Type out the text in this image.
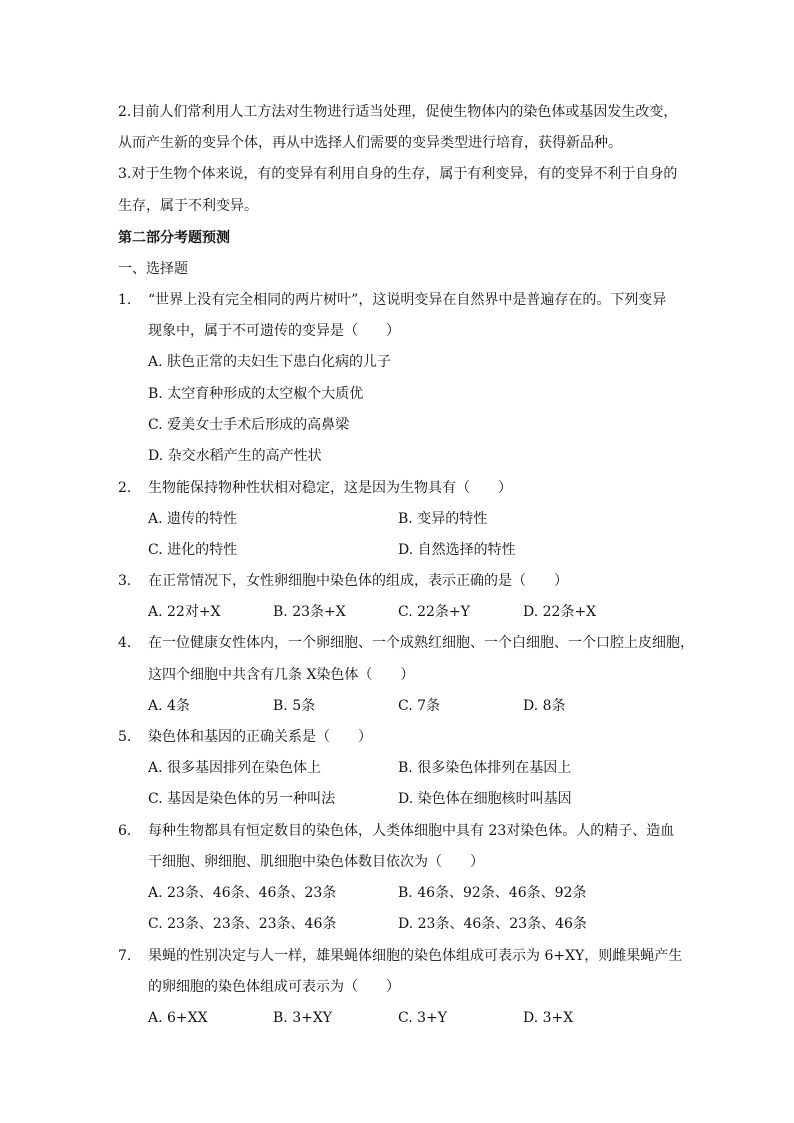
2.目前人们常利用人工方法对生物进行适当处理，促使生物体内的染色体或基因发生改变，
从而产生新的变异个体，再从中选择人们需要的变异类型进行培育，获得新品种。
3.对于生物个体来说，有的变异有利用自身的生存，属于有利变异，有的变异不利于自身的
生存，属于不利变异。
第二部分考题预测
一、选择题
1. “世界上没有完全相同的两片树叶”，这说明变异在自然界中是普遍存在的。下列变异
现象中，属于不可遗传的变异是（　　）
A. 肤色正常的夫妇生下患白化病的儿子
B. 太空育种形成的太空椒个大质优
C. 爱美女士手术后形成的高鼻梁
D. 杂交水稻产生的高产性状
2. 生物能保持物种性状相对稳定，这是因为生物具有（　　）
A. 遗传的特性	B. 变异的特性
C. 进化的特性	D. 自然选择的特性
3. 在正常情况下，女性卵细胞中染色体的组成，表示正确的是（　　）
A. 22对+X	B. 23条+X	C. 22条+Y	D. 22条+X
4. 在一位健康女性体内，一个卵细胞、一个成熟红细胞、一个白细胞、一个口腔上皮细胞，
这四个细胞中共含有几条 X染色体（　　）
A. 4条	B. 5条	C. 7条	D. 8条
5. 染色体和基因的正确关系是（　　）
A. 很多基因排列在染色体上	B. 很多染色体排列在基因上
C. 基因是染色体的另一种叫法	D. 染色体在细胞核时叫基因
6. 每种生物都具有恒定数目的染色体，人类体细胞中具有 23对染色体。人的精子、造血
干细胞、卵细胞、肌细胞中染色体数目依次为（　　）
A. 23条、46条、46条、23条	B. 46条、92条、46条、92条
C. 23条、23条、23条、46条	D. 23条、46条、23条、46条
7. 果蝇的性别决定与人一样，雄果蝇体细胞的染色体组成可表示为 6+XY，则雌果蝇产生
的卵细胞的染色体组成可表示为（　　）
A. 6+XX	B. 3+XY	C. 3+Y	D. 3+X
